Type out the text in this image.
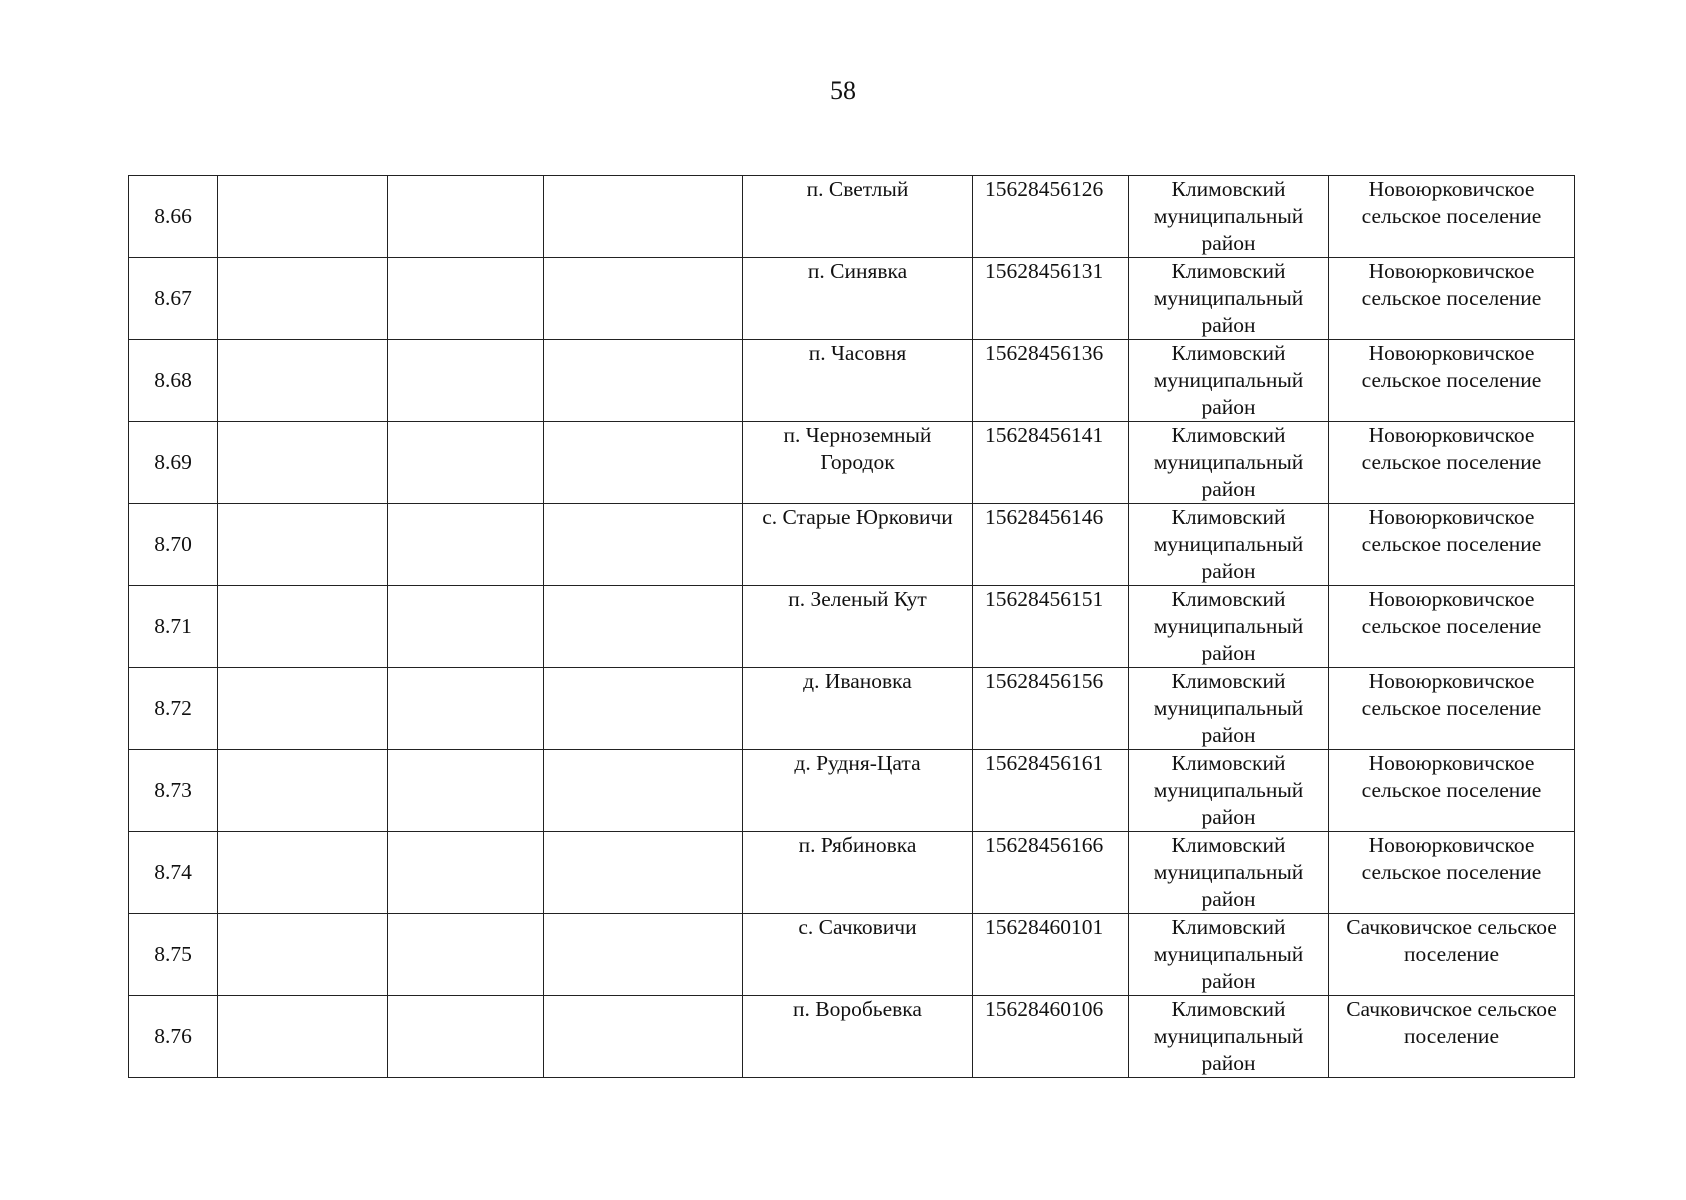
58
8.66				п. Светлый	15628456126	Климовский муниципальный район	Новоюрковичское сельское поселение
8.67				п. Синявка	15628456131	Климовский муниципальный район	Новоюрковичское сельское поселение
8.68				п. Часовня	15628456136	Климовский муниципальный район	Новоюрковичское сельское поселение
8.69				п. Черноземный Городок	15628456141	Климовский муниципальный район	Новоюрковичское сельское поселение
8.70				с. Старые Юрковичи	15628456146	Климовский муниципальный район	Новоюрковичское сельское поселение
8.71				п. Зеленый Кут	15628456151	Климовский муниципальный район	Новоюрковичское сельское поселение
8.72				д. Ивановка	15628456156	Климовский муниципальный район	Новоюрковичское сельское поселение
8.73				д. Рудня-Цата	15628456161	Климовский муниципальный район	Новоюрковичское сельское поселение
8.74				п. Рябиновка	15628456166	Климовский муниципальный район	Новоюрковичское сельское поселение
8.75				с. Сачковичи	15628460101	Климовский муниципальный район	Сачковичское сельское поселение
8.76				п. Воробьевка	15628460106	Климовский муниципальный район	Сачковичское сельское поселение
